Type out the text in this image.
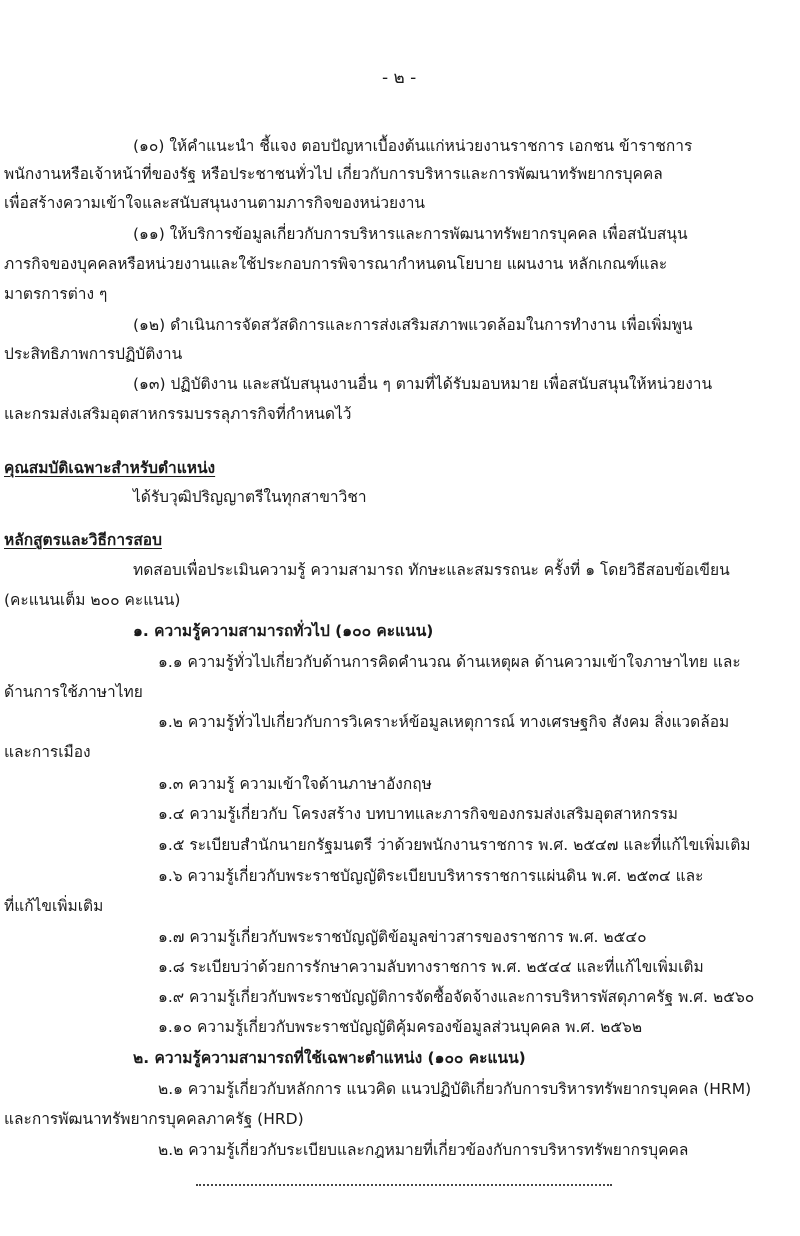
- ๒ -
(๑๐) ให้คำแนะนำ ชี้แจง ตอบปัญหาเบื้องต้นแก่หน่วยงานราชการ เอกชน ข้าราชการ
พนักงานหรือเจ้าหน้าที่ของรัฐ หรือประชาชนทั่วไป เกี่ยวกับการบริหารและการพัฒนาทรัพยากรบุคคล
เพื่อสร้างความเข้าใจและสนับสนุนงานตามภารกิจของหน่วยงาน
(๑๑) ให้บริการข้อมูลเกี่ยวกับการบริหารและการพัฒนาทรัพยากรบุคคล เพื่อสนับสนุน
ภารกิจของบุคคลหรือหน่วยงานและใช้ประกอบการพิจารณากำหนดนโยบาย แผนงาน หลักเกณฑ์และ
มาตรการต่าง ๆ
(๑๒) ดำเนินการจัดสวัสดิการและการส่งเสริมสภาพแวดล้อมในการทำงาน เพื่อเพิ่มพูน
ประสิทธิภาพการปฏิบัติงาน
(๑๓) ปฏิบัติงาน และสนับสนุนงานอื่น ๆ ตามที่ได้รับมอบหมาย เพื่อสนับสนุนให้หน่วยงาน
และกรมส่งเสริมอุตสาหกรรมบรรลุภารกิจที่กำหนดไว้
คุณสมบัติเฉพาะสำหรับตำแหน่ง
ได้รับวุฒิปริญญาตรีในทุกสาขาวิชา
หลักสูตรและวิธีการสอบ
ทดสอบเพื่อประเมินความรู้ ความสามารถ ทักษะและสมรรถนะ ครั้งที่ ๑ โดยวิธีสอบข้อเขียน
(คะแนนเต็ม ๒๐๐ คะแนน)
๑. ความรู้ความสามารถทั่วไป (๑๐๐ คะแนน)
๑.๑ ความรู้ทั่วไปเกี่ยวกับด้านการคิดคำนวณ ด้านเหตุผล ด้านความเข้าใจภาษาไทย และ
ด้านการใช้ภาษาไทย
๑.๒ ความรู้ทั่วไปเกี่ยวกับการวิเคราะห์ข้อมูลเหตุการณ์ ทางเศรษฐกิจ สังคม สิ่งแวดล้อม
และการเมือง
๑.๓ ความรู้ ความเข้าใจด้านภาษาอังกฤษ
๑.๔ ความรู้เกี่ยวกับ โครงสร้าง บทบาทและภารกิจของกรมส่งเสริมอุตสาหกรรม
๑.๕ ระเบียบสำนักนายกรัฐมนตรี ว่าด้วยพนักงานราชการ พ.ศ. ๒๕๔๗ และที่แก้ไขเพิ่มเติม
๑.๖ ความรู้เกี่ยวกับพระราชบัญญัติระเบียบบริหารราชการแผ่นดิน พ.ศ. ๒๕๓๔ และ
ที่แก้ไขเพิ่มเติม
๑.๗ ความรู้เกี่ยวกับพระราชบัญญัติข้อมูลข่าวสารของราชการ พ.ศ. ๒๕๔๐
๑.๘ ระเบียบว่าด้วยการรักษาความลับทางราชการ พ.ศ. ๒๕๔๔ และที่แก้ไขเพิ่มเติม
๑.๙ ความรู้เกี่ยวกับพระราชบัญญัติการจัดซื้อจัดจ้างและการบริหารพัสดุภาครัฐ พ.ศ. ๒๕๖๐
๑.๑๐ ความรู้เกี่ยวกับพระราชบัญญัติคุ้มครองข้อมูลส่วนบุคคล พ.ศ. ๒๕๖๒
๒. ความรู้ความสามารถที่ใช้เฉพาะตำแหน่ง (๑๐๐ คะแนน)
๒.๑ ความรู้เกี่ยวกับหลักการ แนวคิด แนวปฏิบัติเกี่ยวกับการบริหารทรัพยากรบุคคล (HRM)
และการพัฒนาทรัพยากรบุคคลภาครัฐ (HRD)
๒.๒ ความรู้เกี่ยวกับระเบียบและกฎหมายที่เกี่ยวข้องกับการบริหารทรัพยากรบุคคล
